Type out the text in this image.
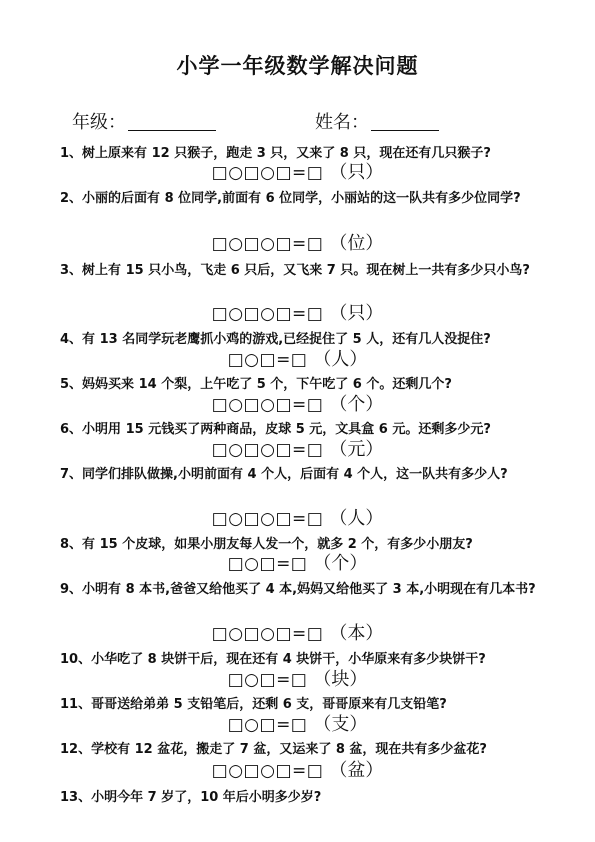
小学一年级数学解决问题
年级：	姓名：
1、树上原来有 12 只猴子，跑走 3 只，又来了 8 只，现在还有几只猴子?
□○□○□=□ （只）
2、小丽的后面有 8 位同学,前面有 6 位同学，小丽站的这一队共有多少位同学?
□○□○□=□ （位）
3、树上有 15 只小鸟，飞走 6 只后，又飞来 7 只。现在树上一共有多少只小鸟?
□○□○□=□ （只）
4、有 13 名同学玩老鹰抓小鸡的游戏,已经捉住了 5 人，还有几人没捉住?
□○□=□ （人）
5、妈妈买来 14 个梨，上午吃了 5 个，下午吃了 6 个。还剩几个?
□○□○□=□ （个）
6、小明用 15 元钱买了两种商品，皮球 5 元，文具盒 6 元。还剩多少元?
□○□○□=□ （元）
7、同学们排队做操,小明前面有 4 个人，后面有 4 个人，这一队共有多少人?
□○□○□=□ （人）
8、有 15 个皮球，如果小朋友每人发一个，就多 2 个，有多少小朋友?
□○□=□ （个）
9、小明有 8 本书,爸爸又给他买了 4 本,妈妈又给他买了 3 本,小明现在有几本书?
□○□○□=□ （本）
10、小华吃了 8 块饼干后，现在还有 4 块饼干，小华原来有多少块饼干?
□○□=□ （块）
11、哥哥送给弟弟 5 支铅笔后，还剩 6 支，哥哥原来有几支铅笔?
□○□=□ （支）
12、学校有 12 盆花，搬走了 7 盆，又运来了 8 盆，现在共有多少盆花?
□○□○□=□ （盆）
13、小明今年 7 岁了，10 年后小明多少岁?
